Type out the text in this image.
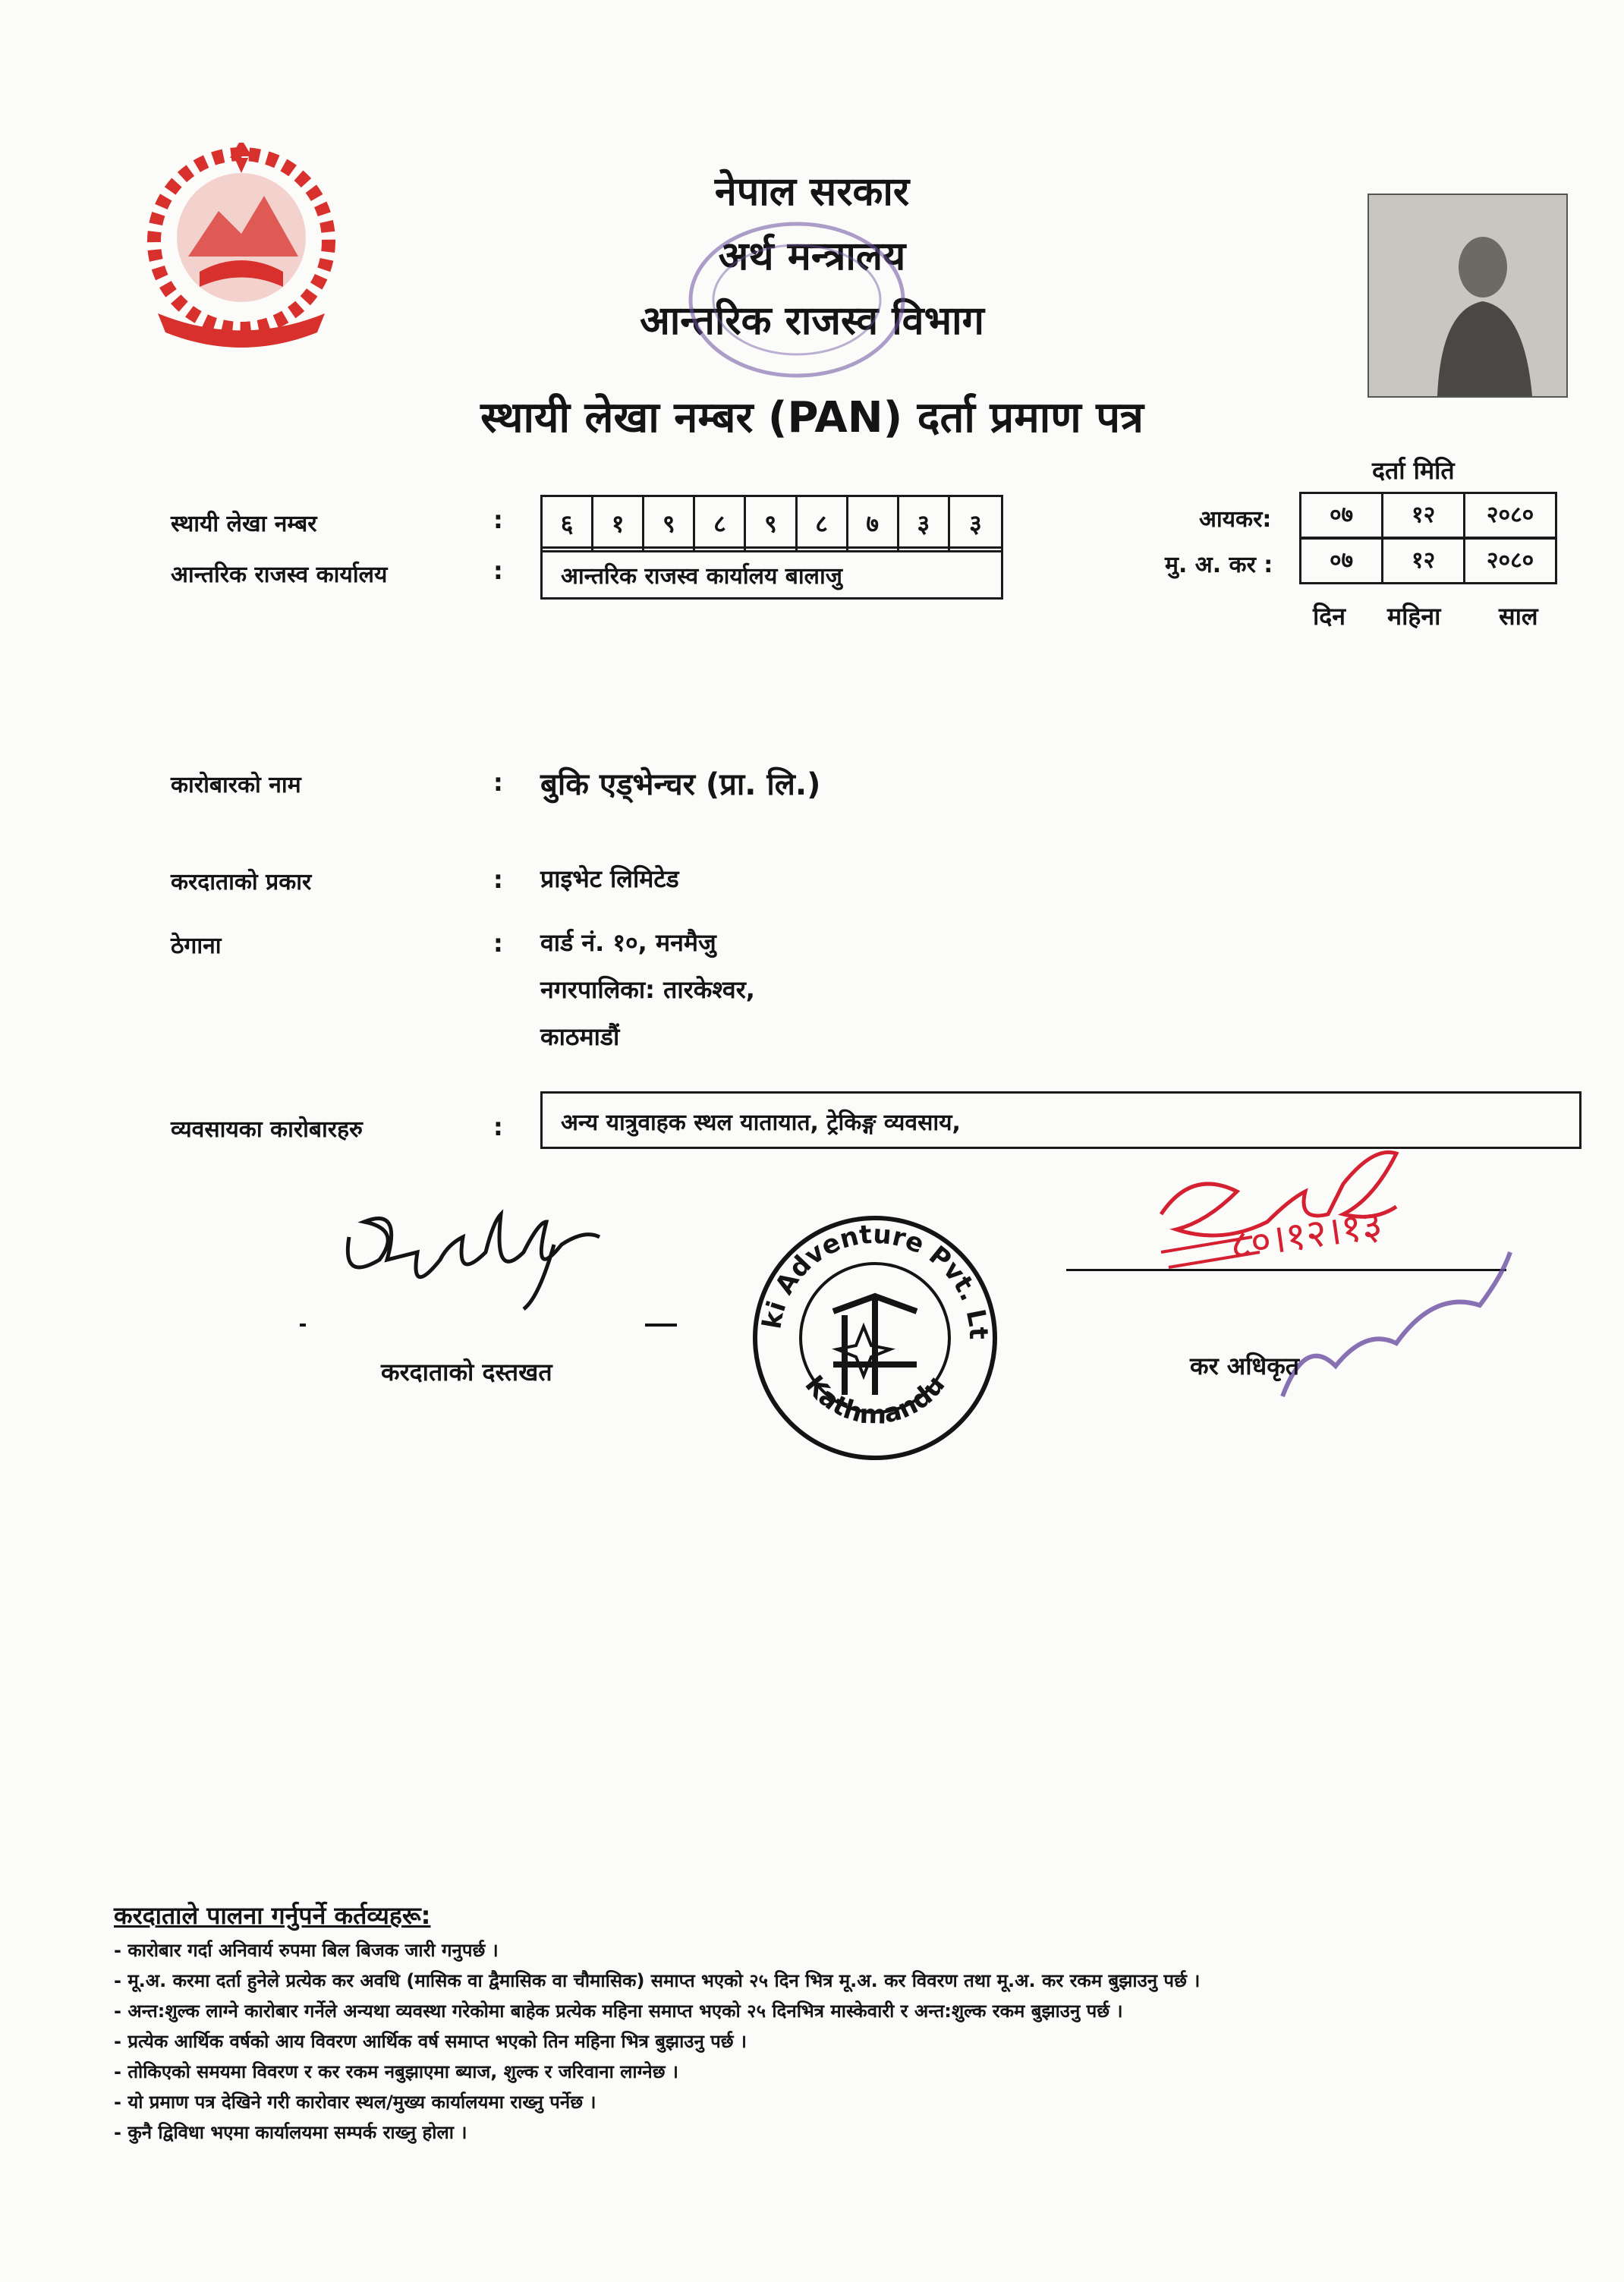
नेपाल सरकार
अर्थ मन्त्रालय
आन्तरिक राजस्व विभाग
स्थायी लेखा नम्बर (PAN) दर्ता प्रमाण पत्र
स्थायी लेखा नम्बर	:	६	१	९	८	९	८	७	३	३
आन्तरिक राजस्व कार्यालय	:	आन्तरिक राजस्व कार्यालय बालाजु
दर्ता मिति
आयकर:	०७	१२	२०८०
मु. अ. कर :	०७	१२	२०८०
दिन महिना साल
कारोबारको नाम	: बुकि एड्भेन्चर (प्रा. लि.)
करदाताको प्रकार	: प्राइभेट लिमिटेड
ठेगाना	: वार्ड नं. १०, मनमैजु
नगरपालिका: तारकेश्वर,
काठमाडौं
व्यवसायका कारोबारहरु	:	अन्य यात्रुवाहक स्थल यातायात, ट्रेकिङ्ग व्यवसाय,
करदाताको दस्तखत
ki Adventure Pvt. Lt
Kathmandu
८०।१२।१३
कर अधिकृत
करदाताले पालना गर्नुपर्ने कर्तव्यहरू:
- कारोबार गर्दा अनिवार्य रुपमा बिल बिजक जारी गनुपर्छ ।
- मू.अ. करमा दर्ता हुनेले प्रत्येक कर अवधि (मासिक वा द्वैमासिक वा चौमासिक) समाप्त भएको २५ दिन भित्र मू.अ. कर विवरण तथा मू.अ. कर रकम बुझाउनु पर्छ ।
- अन्त:शुल्क लाग्ने कारोबार गर्नेले अन्यथा व्यवस्था गरेकोमा बाहेक प्रत्येक महिना समाप्त भएको २५ दिनभित्र मास्केवारी र अन्त:शुल्क रकम बुझाउनु पर्छ ।
- प्रत्येक आर्थिक वर्षको आय विवरण आर्थिक वर्ष समाप्त भएको तिन महिना भित्र बुझाउनु पर्छ ।
- तोकिएको समयमा विवरण र कर रकम नबुझाएमा ब्याज, शुल्क र जरिवाना लाग्नेछ ।
- यो प्रमाण पत्र देखिने गरी कारोवार स्थल/मुख्य कार्यालयमा राख्नु पर्नेछ ।
- कुनै द्विविधा भएमा कार्यालयमा सम्पर्क राख्नु होला ।
